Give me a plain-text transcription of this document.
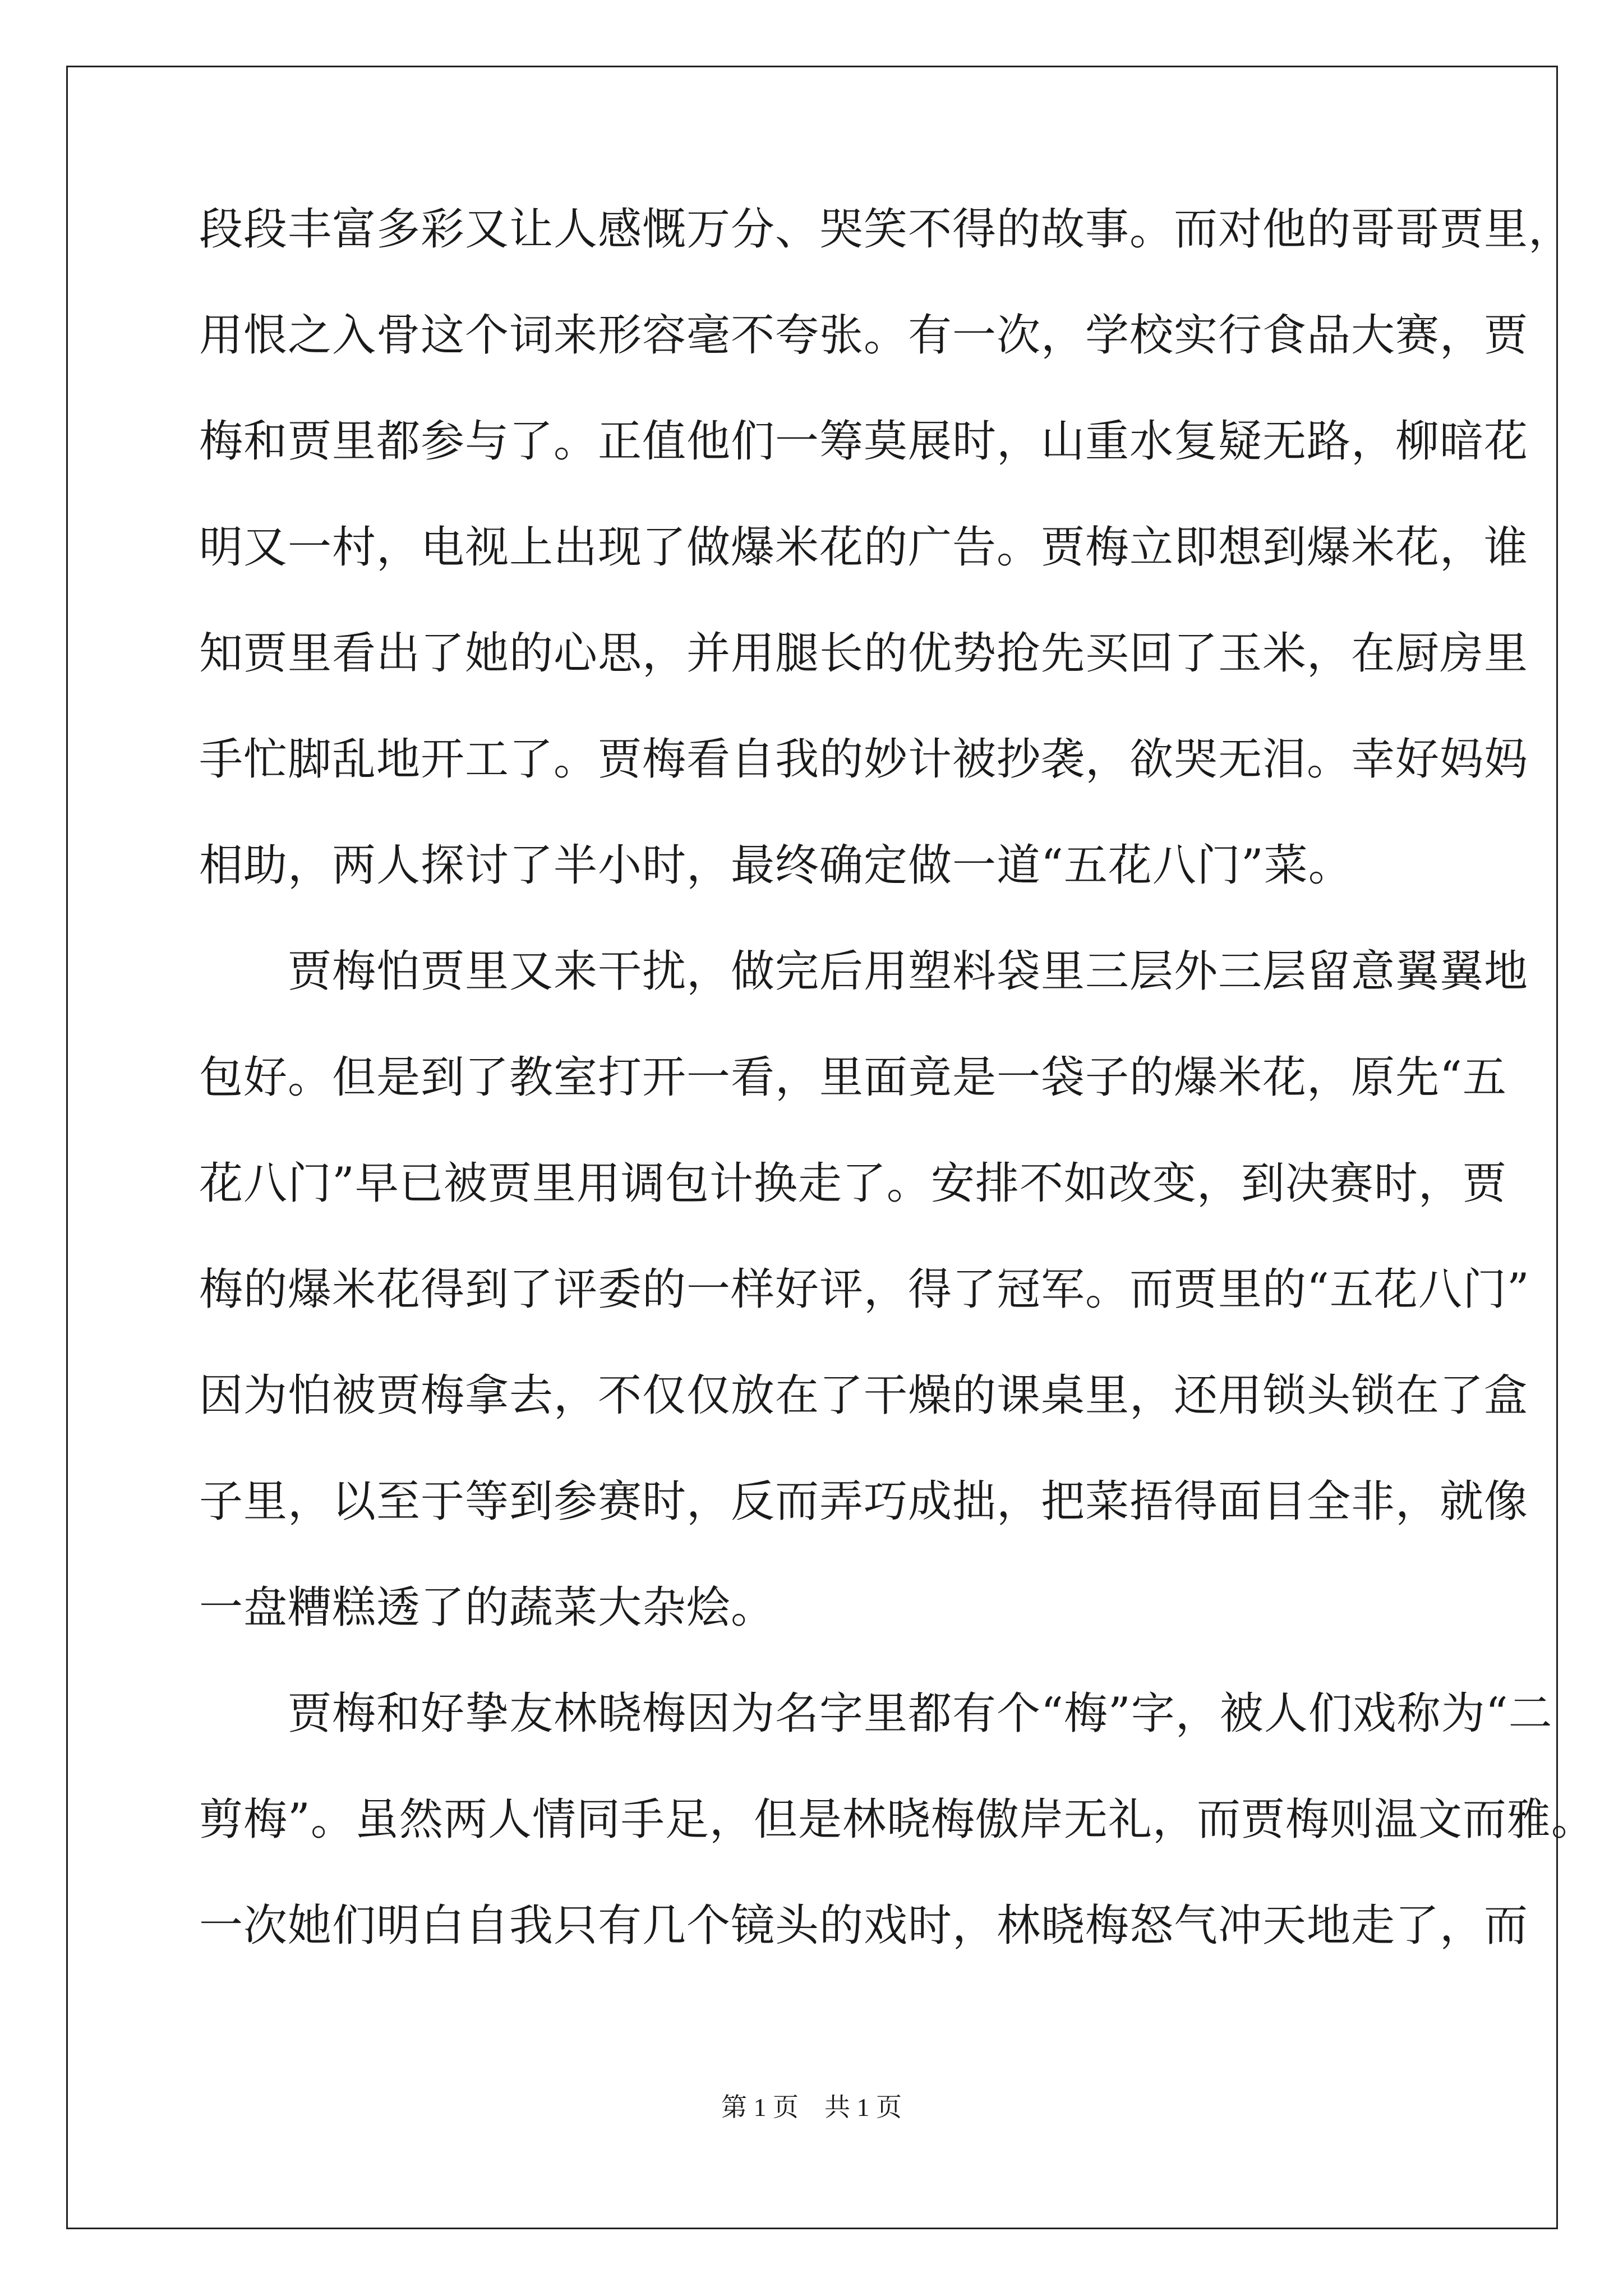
段段丰富多彩又让人感慨万分、哭笑不得的故事。而对他的哥哥贾里，
用恨之入骨这个词来形容毫不夸张。有一次，学校实行食品大赛，贾
梅和贾里都参与了。正值他们一筹莫展时，山重水复疑无路，柳暗花
明又一村，电视上出现了做爆米花的广告。贾梅立即想到爆米花，谁
知贾里看出了她的心思，并用腿长的优势抢先买回了玉米，在厨房里
手忙脚乱地开工了。贾梅看自我的妙计被抄袭，欲哭无泪。幸好妈妈
相助，两人探讨了半小时，最终确定做一道“五花八门”菜。
　　贾梅怕贾里又来干扰，做完后用塑料袋里三层外三层留意翼翼地
包好。但是到了教室打开一看，里面竟是一袋子的爆米花，原先“五
花八门”早已被贾里用调包计换走了。安排不如改变，到决赛时，贾
梅的爆米花得到了评委的一样好评，得了冠军。而贾里的“五花八门”
因为怕被贾梅拿去，不仅仅放在了干燥的课桌里，还用锁头锁在了盒
子里，以至于等到参赛时，反而弄巧成拙，把菜捂得面目全非，就像
一盘糟糕透了的蔬菜大杂烩。
　　贾梅和好挚友林晓梅因为名字里都有个“梅”字，被人们戏称为“二
剪梅”。虽然两人情同手足，但是林晓梅傲岸无礼，而贾梅则温文而雅。
一次她们明白自我只有几个镜头的戏时，林晓梅怒气冲天地走了，而
第 1 页　共 1 页
